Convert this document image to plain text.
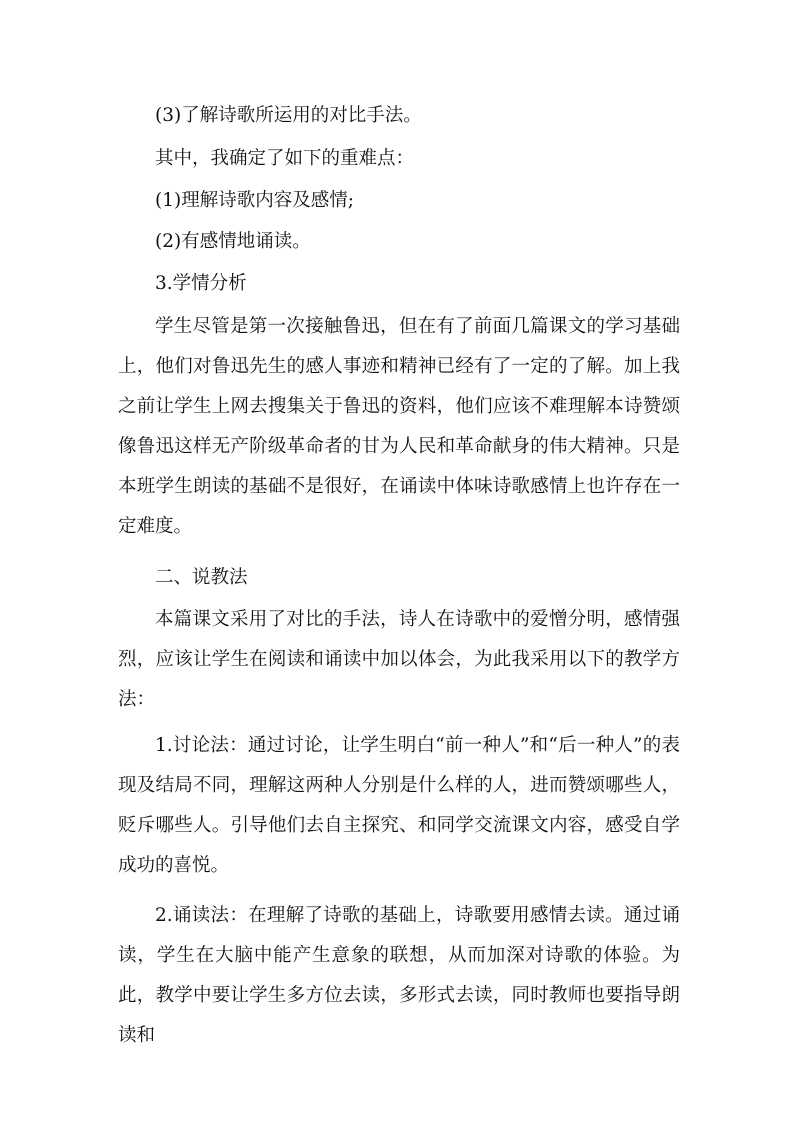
(3)了解诗歌所运用的对比手法。

其中，我确定了如下的重难点：

(1)理解诗歌内容及感情;

(2)有感情地诵读。

3.学情分析

学生尽管是第一次接触鲁迅，但在有了前面几篇课文的学习基础上，他们对鲁迅先生的感人事迹和精神已经有了一定的了解。加上我之前让学生上网去搜集关于鲁迅的资料，他们应该不难理解本诗赞颂像鲁迅这样无产阶级革命者的甘为人民和革命献身的伟大精神。只是本班学生朗读的基础不是很好，在诵读中体味诗歌感情上也许存在一定难度。

二、说教法

本篇课文采用了对比的手法，诗人在诗歌中的爱憎分明，感情强烈，应该让学生在阅读和诵读中加以体会，为此我采用以下的教学方法：

1.讨论法：通过讨论，让学生明白“前一种人”和“后一种人”的表现及结局不同，理解这两种人分别是什么样的人，进而赞颂哪些人，贬斥哪些人。引导他们去自主探究、和同学交流课文内容，感受自学成功的喜悦。

2.诵读法：在理解了诗歌的基础上，诗歌要用感情去读。通过诵读，学生在大脑中能产生意象的联想，从而加深对诗歌的体验。为此，教学中要让学生多方位去读，多形式去读，同时教师也要指导朗读和
